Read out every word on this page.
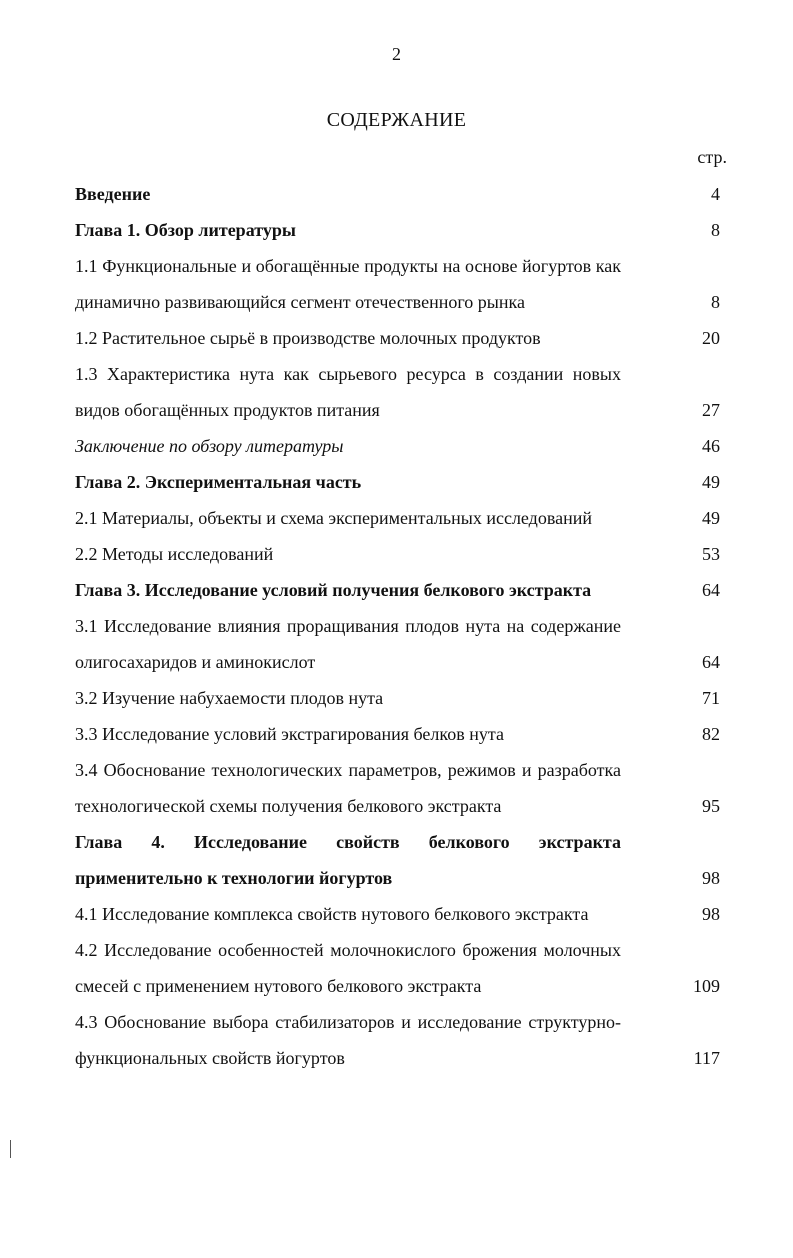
2
СОДЕРЖАНИЕ
стр.
Введение	4
Глава 1. Обзор литературы	8
1.1 Функциональные и обогащённые продукты на основе йогуртов как
динамично развивающийся сегмент отечественного рынка	8
1.2 Растительное сырьё в производстве молочных продуктов	20
1.3 Характеристика нута как сырьевого ресурса в создании новых
видов обогащённых продуктов питания	27
Заключение по обзору литературы	46
Глава 2. Экспериментальная часть	49
2.1 Материалы, объекты и схема экспериментальных исследований	49
2.2 Методы исследований	53
Глава 3. Исследование условий получения белкового экстракта	64
3.1 Исследование влияния проращивания плодов нута на содержание
олигосахаридов и аминокислот	64
3.2 Изучение набухаемости плодов нута	71
3.3 Исследование условий экстрагирования белков нута	82
3.4 Обоснование технологических параметров, режимов и разработка
технологической схемы получения белкового экстракта	95
Глава 4. Исследование свойств белкового экстракта
применительно к технологии йогуртов	98
4.1 Исследование комплекса свойств нутового белкового экстракта	98
4.2 Исследование особенностей молочнокислого брожения молочных
смесей с применением нутового белкового экстракта	109
4.3 Обоснование выбора стабилизаторов и исследование структурно-
функциональных свойств йогуртов	117
